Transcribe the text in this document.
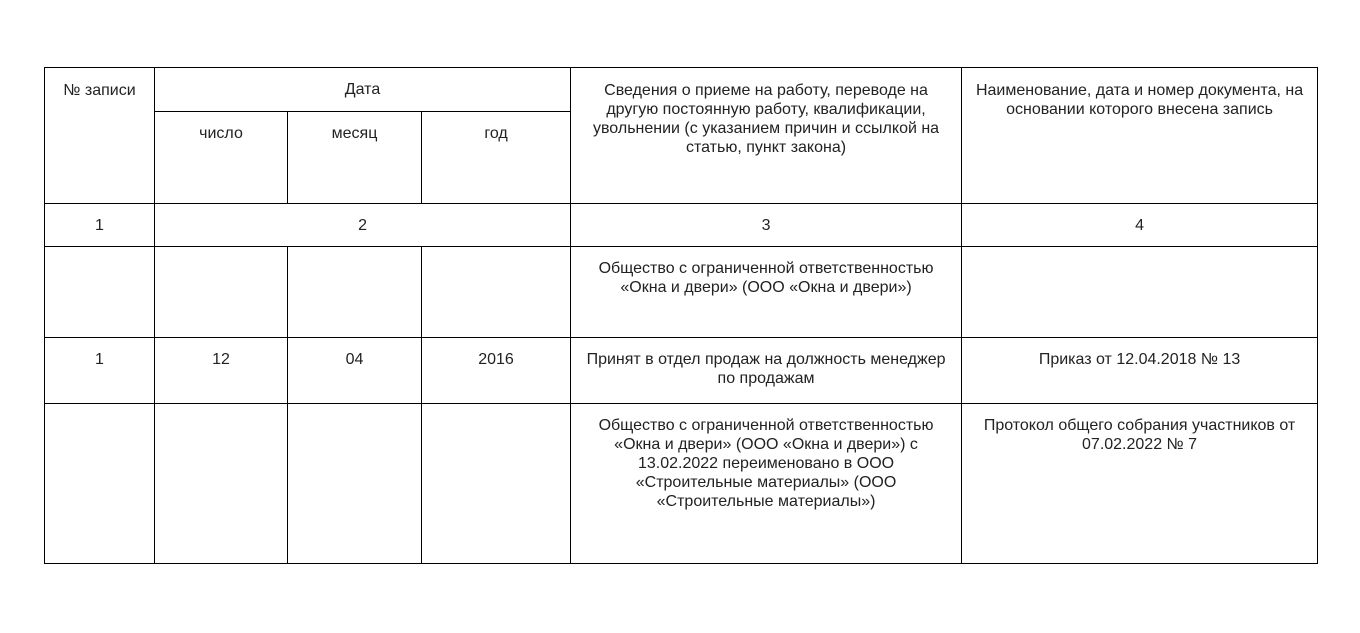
№ записи	Дата			Сведения о приеме на работу, переводе на другую постоянную работу, квалификации, увольнении (с указанием причин и ссылкой на статью, пункт закона)	Наименование, дата и номер документа, на основании которого внесена запись
	число	месяц	год		
1	2			3	4
				Общество с ограниченной ответственностью «Окна и двери» (ООО «Окна и двери»)	
1	12	04	2016	Принят в отдел продаж на должность менеджер по продажам	Приказ от 12.04.2018 № 13
				Общество с ограниченной ответственностью «Окна и двери» (ООО «Окна и двери») с 13.02.2022 переименовано в ООО «Строительные материалы» (ООО «Строительные материалы»)	Протокол общего собрания участников от 07.02.2022 № 7
